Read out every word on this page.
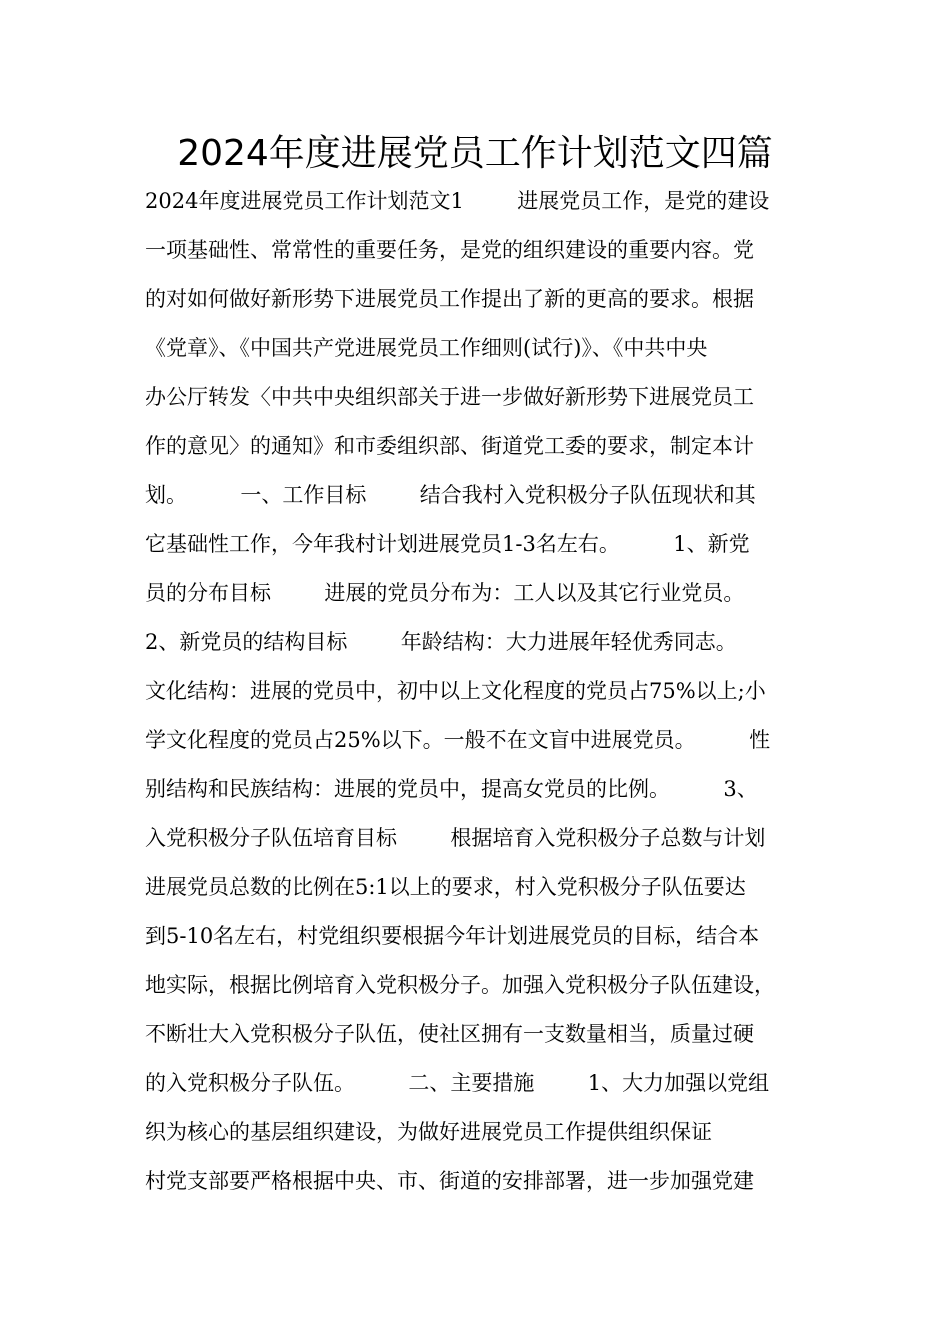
2024年度进展党员工作计划范文四篇
2024年度进展党员工作计划范文1        进展党员工作，是党的建设
一项基础性、常常性的重要任务，是党的组织建设的重要内容。党
的对如何做好新形势下进展党员工作提出了新的更高的要求。根据
《党章》、《中国共产党进展党员工作细则(试行)》、《中共中央
办公厅转发〈中共中央组织部关于进一步做好新形势下进展党员工
作的意见〉的通知》和市委组织部、街道党工委的要求，制定本计
划。        一、工作目标        结合我村入党积极分子队伍现状和其
它基础性工作，今年我村计划进展党员1-3名左右。        1、新党
员的分布目标        进展的党员分布为：工人以及其它行业党员。
2、新党员的结构目标        年龄结构：大力进展年轻优秀同志。
文化结构：进展的党员中，初中以上文化程度的党员占75%以上;小
学文化程度的党员占25%以下。一般不在文盲中进展党员。        性
别结构和民族结构：进展的党员中，提高女党员的比例。        3、
入党积极分子队伍培育目标        根据培育入党积极分子总数与计划
进展党员总数的比例在5:1以上的要求，村入党积极分子队伍要达
到5-10名左右，村党组织要根据今年计划进展党员的目标，结合本
地实际，根据比例培育入党积极分子。加强入党积极分子队伍建设，
不断壮大入党积极分子队伍，使社区拥有一支数量相当，质量过硬
的入党积极分子队伍。        二、主要措施        1、大力加强以党组
织为核心的基层组织建设，为做好进展党员工作提供组织保证
村党支部要严格根据中央、市、街道的安排部署，进一步加强党建
